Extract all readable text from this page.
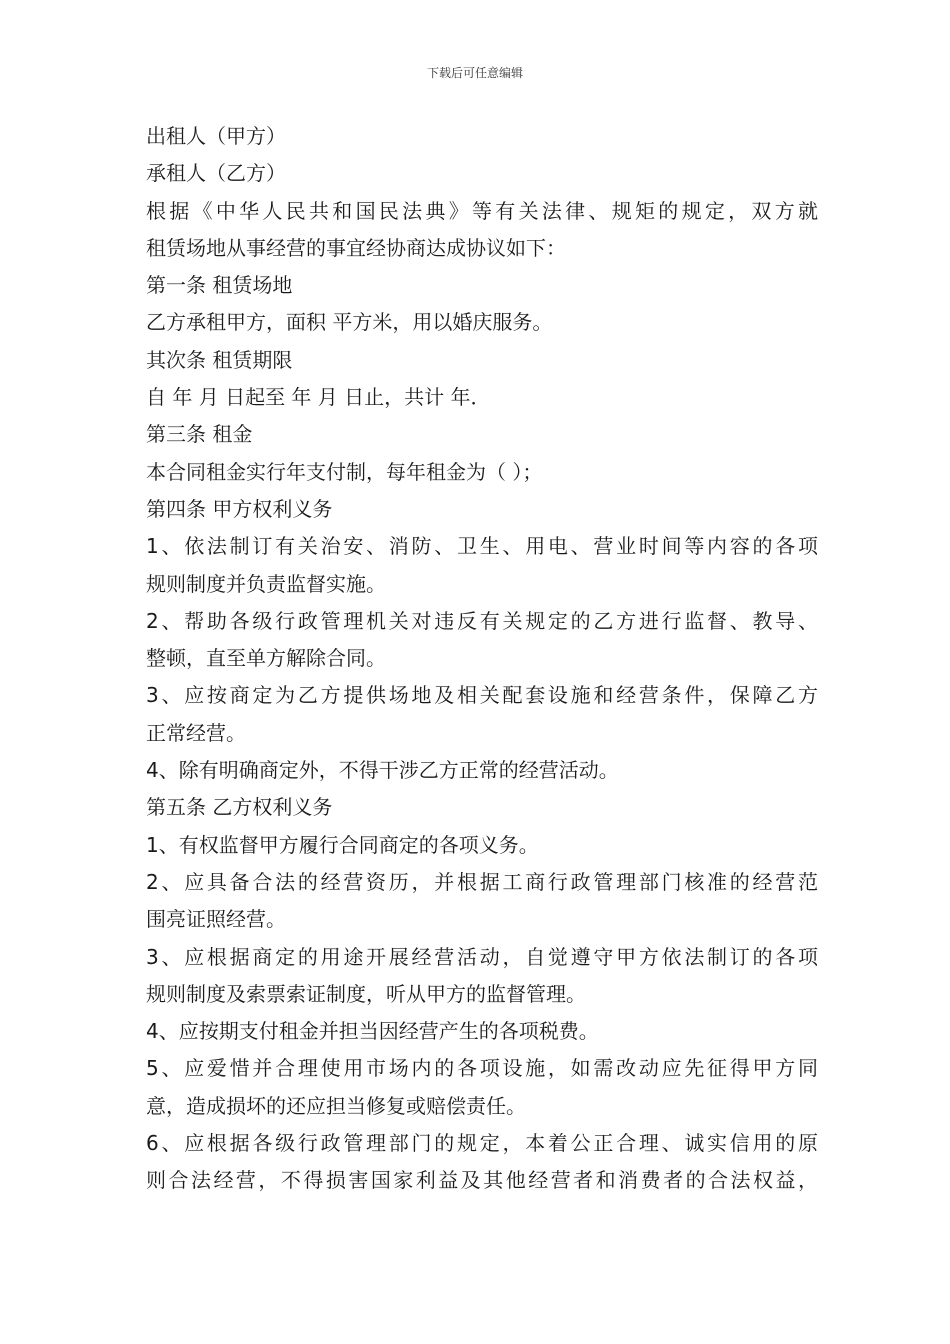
下载后可任意编辑
出租人（甲方）
承租人（乙方）
根据《中华人民共和国民法典》等有关法律、规矩的规定，双方就
租赁场地从事经营的事宜经协商达成协议如下：
第一条 租赁场地
乙方承租甲方，面积 平方米，用以婚庆服务。
其次条 租赁期限
自 年 月 日起至 年 月 日止，共计 年．
第三条 租金
本合同租金实行年支付制，每年租金为（ ）；
第四条 甲方权利义务
1、依法制订有关治安、消防、卫生、用电、营业时间等内容的各项
规则制度并负责监督实施。
2、帮助各级行政管理机关对违反有关规定的乙方进行监督、教导、
整顿，直至单方解除合同。
3、应按商定为乙方提供场地及相关配套设施和经营条件，保障乙方
正常经营。
4、除有明确商定外，不得干涉乙方正常的经营活动。
第五条 乙方权利义务
1、有权监督甲方履行合同商定的各项义务。
2、应具备合法的经营资历，并根据工商行政管理部门核准的经营范
围亮证照经营。
3、应根据商定的用途开展经营活动，自觉遵守甲方依法制订的各项
规则制度及索票索证制度，听从甲方的监督管理。
4、应按期支付租金并担当因经营产生的各项税费。
5、应爱惜并合理使用市场内的各项设施，如需改动应先征得甲方同
意，造成损坏的还应担当修复或赔偿责任。
6、应根据各级行政管理部门的规定，本着公正合理、诚实信用的原
则合法经营，不得损害国家利益及其他经营者和消费者的合法权益，
